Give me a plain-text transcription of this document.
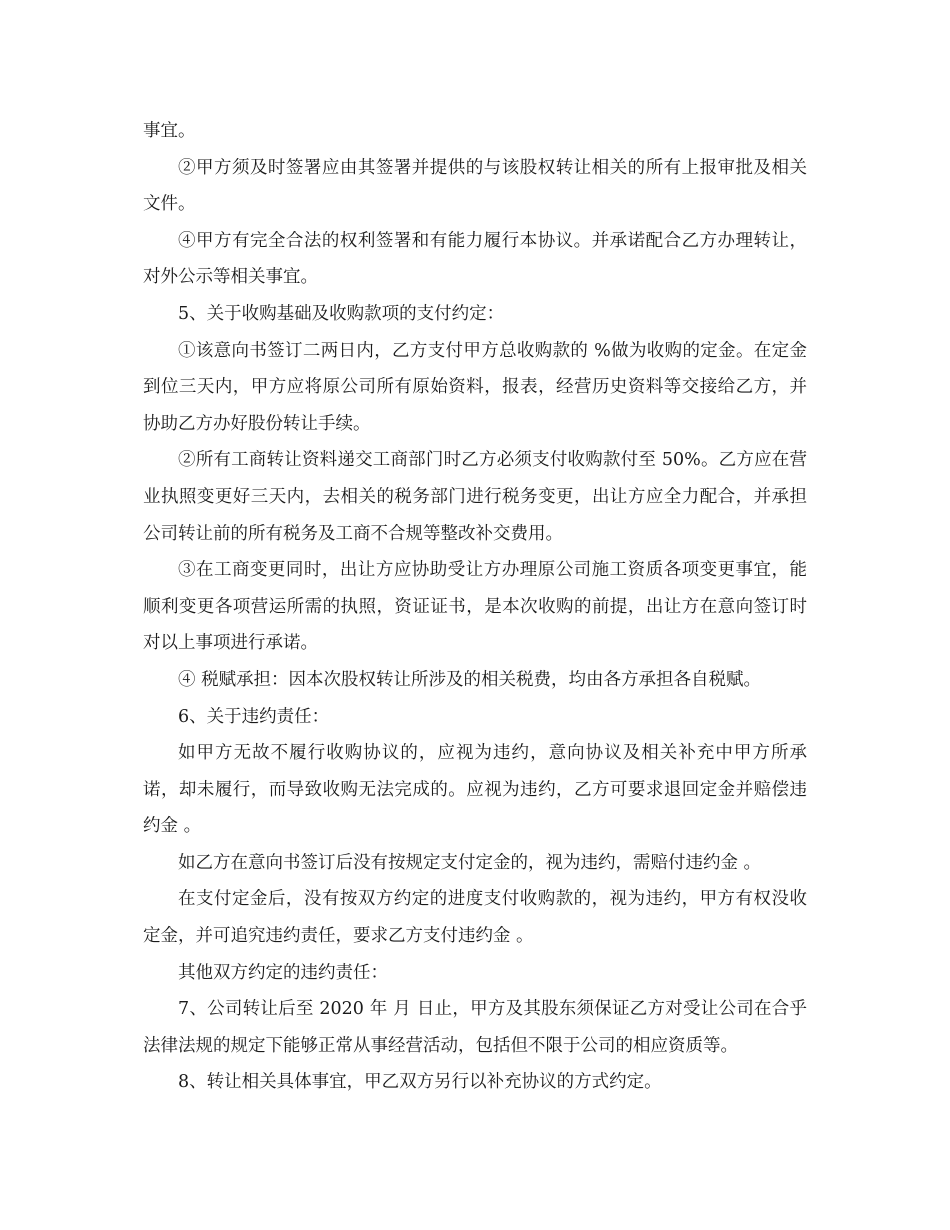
事宜。

②甲方须及时签署应由其签署并提供的与该股权转让相关的所有上报审批及相关文件。

④甲方有完全合法的权利签署和有能力履行本协议。并承诺配合乙方办理转让，对外公示等相关事宜。

5、关于收购基础及收购款项的支付约定：

①该意向书签订二两日内，乙方支付甲方总收购款的 %做为收购的定金。在定金到位三天内，甲方应将原公司所有原始资料，报表，经营历史资料等交接给乙方，并协助乙方办好股份转让手续。

②所有工商转让资料递交工商部门时乙方必须支付收购款付至 50%。乙方应在营业执照变更好三天内，去相关的税务部门进行税务变更，出让方应全力配合，并承担公司转让前的所有税务及工商不合规等整改补交费用。

③在工商变更同时，出让方应协助受让方办理原公司施工资质各项变更事宜，能顺利变更各项营运所需的执照，资证证书，是本次收购的前提，出让方在意向签订时对以上事项进行承诺。

④ 税赋承担：因本次股权转让所涉及的相关税费，均由各方承担各自税赋。

6、关于违约责任：

如甲方无故不履行收购协议的，应视为违约，意向协议及相关补充中甲方所承诺，却未履行，而导致收购无法完成的。应视为违约，乙方可要求退回定金并赔偿违约金 。

如乙方在意向书签订后没有按规定支付定金的，视为违约，需赔付违约金 。

在支付定金后，没有按双方约定的进度支付收购款的，视为违约，甲方有权没收定金，并可追究违约责任，要求乙方支付违约金 。

其他双方约定的违约责任：

7、公司转让后至 2020 年 月 日止，甲方及其股东须保证乙方对受让公司在合乎法律法规的规定下能够正常从事经营活动，包括但不限于公司的相应资质等。

8、转让相关具体事宜，甲乙双方另行以补充协议的方式约定。
